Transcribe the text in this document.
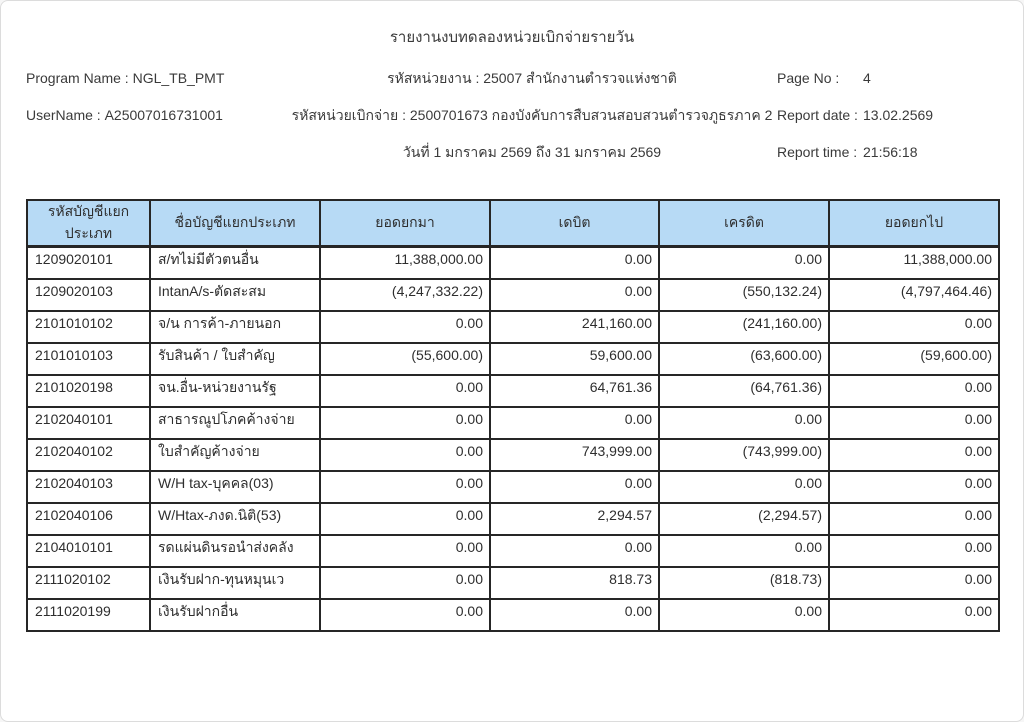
รายงานงบทดลองหน่วยเบิกจ่ายรายวัน
Program Name : NGL_TB_PMT	รหัสหน่วยงาน : 25007 สำนักงานตำรวจแห่งชาติ	Page No :	4
UserName : A25007016731001	รหัสหน่วยเบิกจ่าย : 2500701673 กองบังคับการสืบสวนสอบสวนตำรวจภูธรภาค 2 Report date : 13.02.2569
วันที่ 1 มกราคม 2569 ถึง 31 มกราคม 2569	Report time : 21:56:18
รหัสบัญชีแยกประเภท	ชื่อบัญชีแยกประเภท	ยอดยกมา	เดบิต	เครดิต	ยอดยกไป
1209020101	ส/ทไม่มีตัวตนอื่น	11,388,000.00	0.00	0.00	11,388,000.00
1209020103	IntanA/s-ตัดสะสม	(4,247,332.22)	0.00	(550,132.24)	(4,797,464.46)
2101010102	จ/น การค้า-ภายนอก	0.00	241,160.00	(241,160.00)	0.00
2101010103	รับสินค้า / ใบสำคัญ	(55,600.00)	59,600.00	(63,600.00)	(59,600.00)
2101020198	จน.อื่น-หน่วยงานรัฐ	0.00	64,761.36	(64,761.36)	0.00
2102040101	สาธารณูปโภคค้างจ่าย	0.00	0.00	0.00	0.00
2102040102	ใบสำคัญค้างจ่าย	0.00	743,999.00	(743,999.00)	0.00
2102040103	W/H tax-บุคคล(03)	0.00	0.00	0.00	0.00
2102040106	W/Htax-ภงด.นิติ(53)	0.00	2,294.57	(2,294.57)	0.00
2104010101	รดแผ่นดินรอนำส่งคลัง	0.00	0.00	0.00	0.00
2111020102	เงินรับฝาก-ทุนหมุนเว	0.00	818.73	(818.73)	0.00
2111020199	เงินรับฝากอื่น	0.00	0.00	0.00	0.00
